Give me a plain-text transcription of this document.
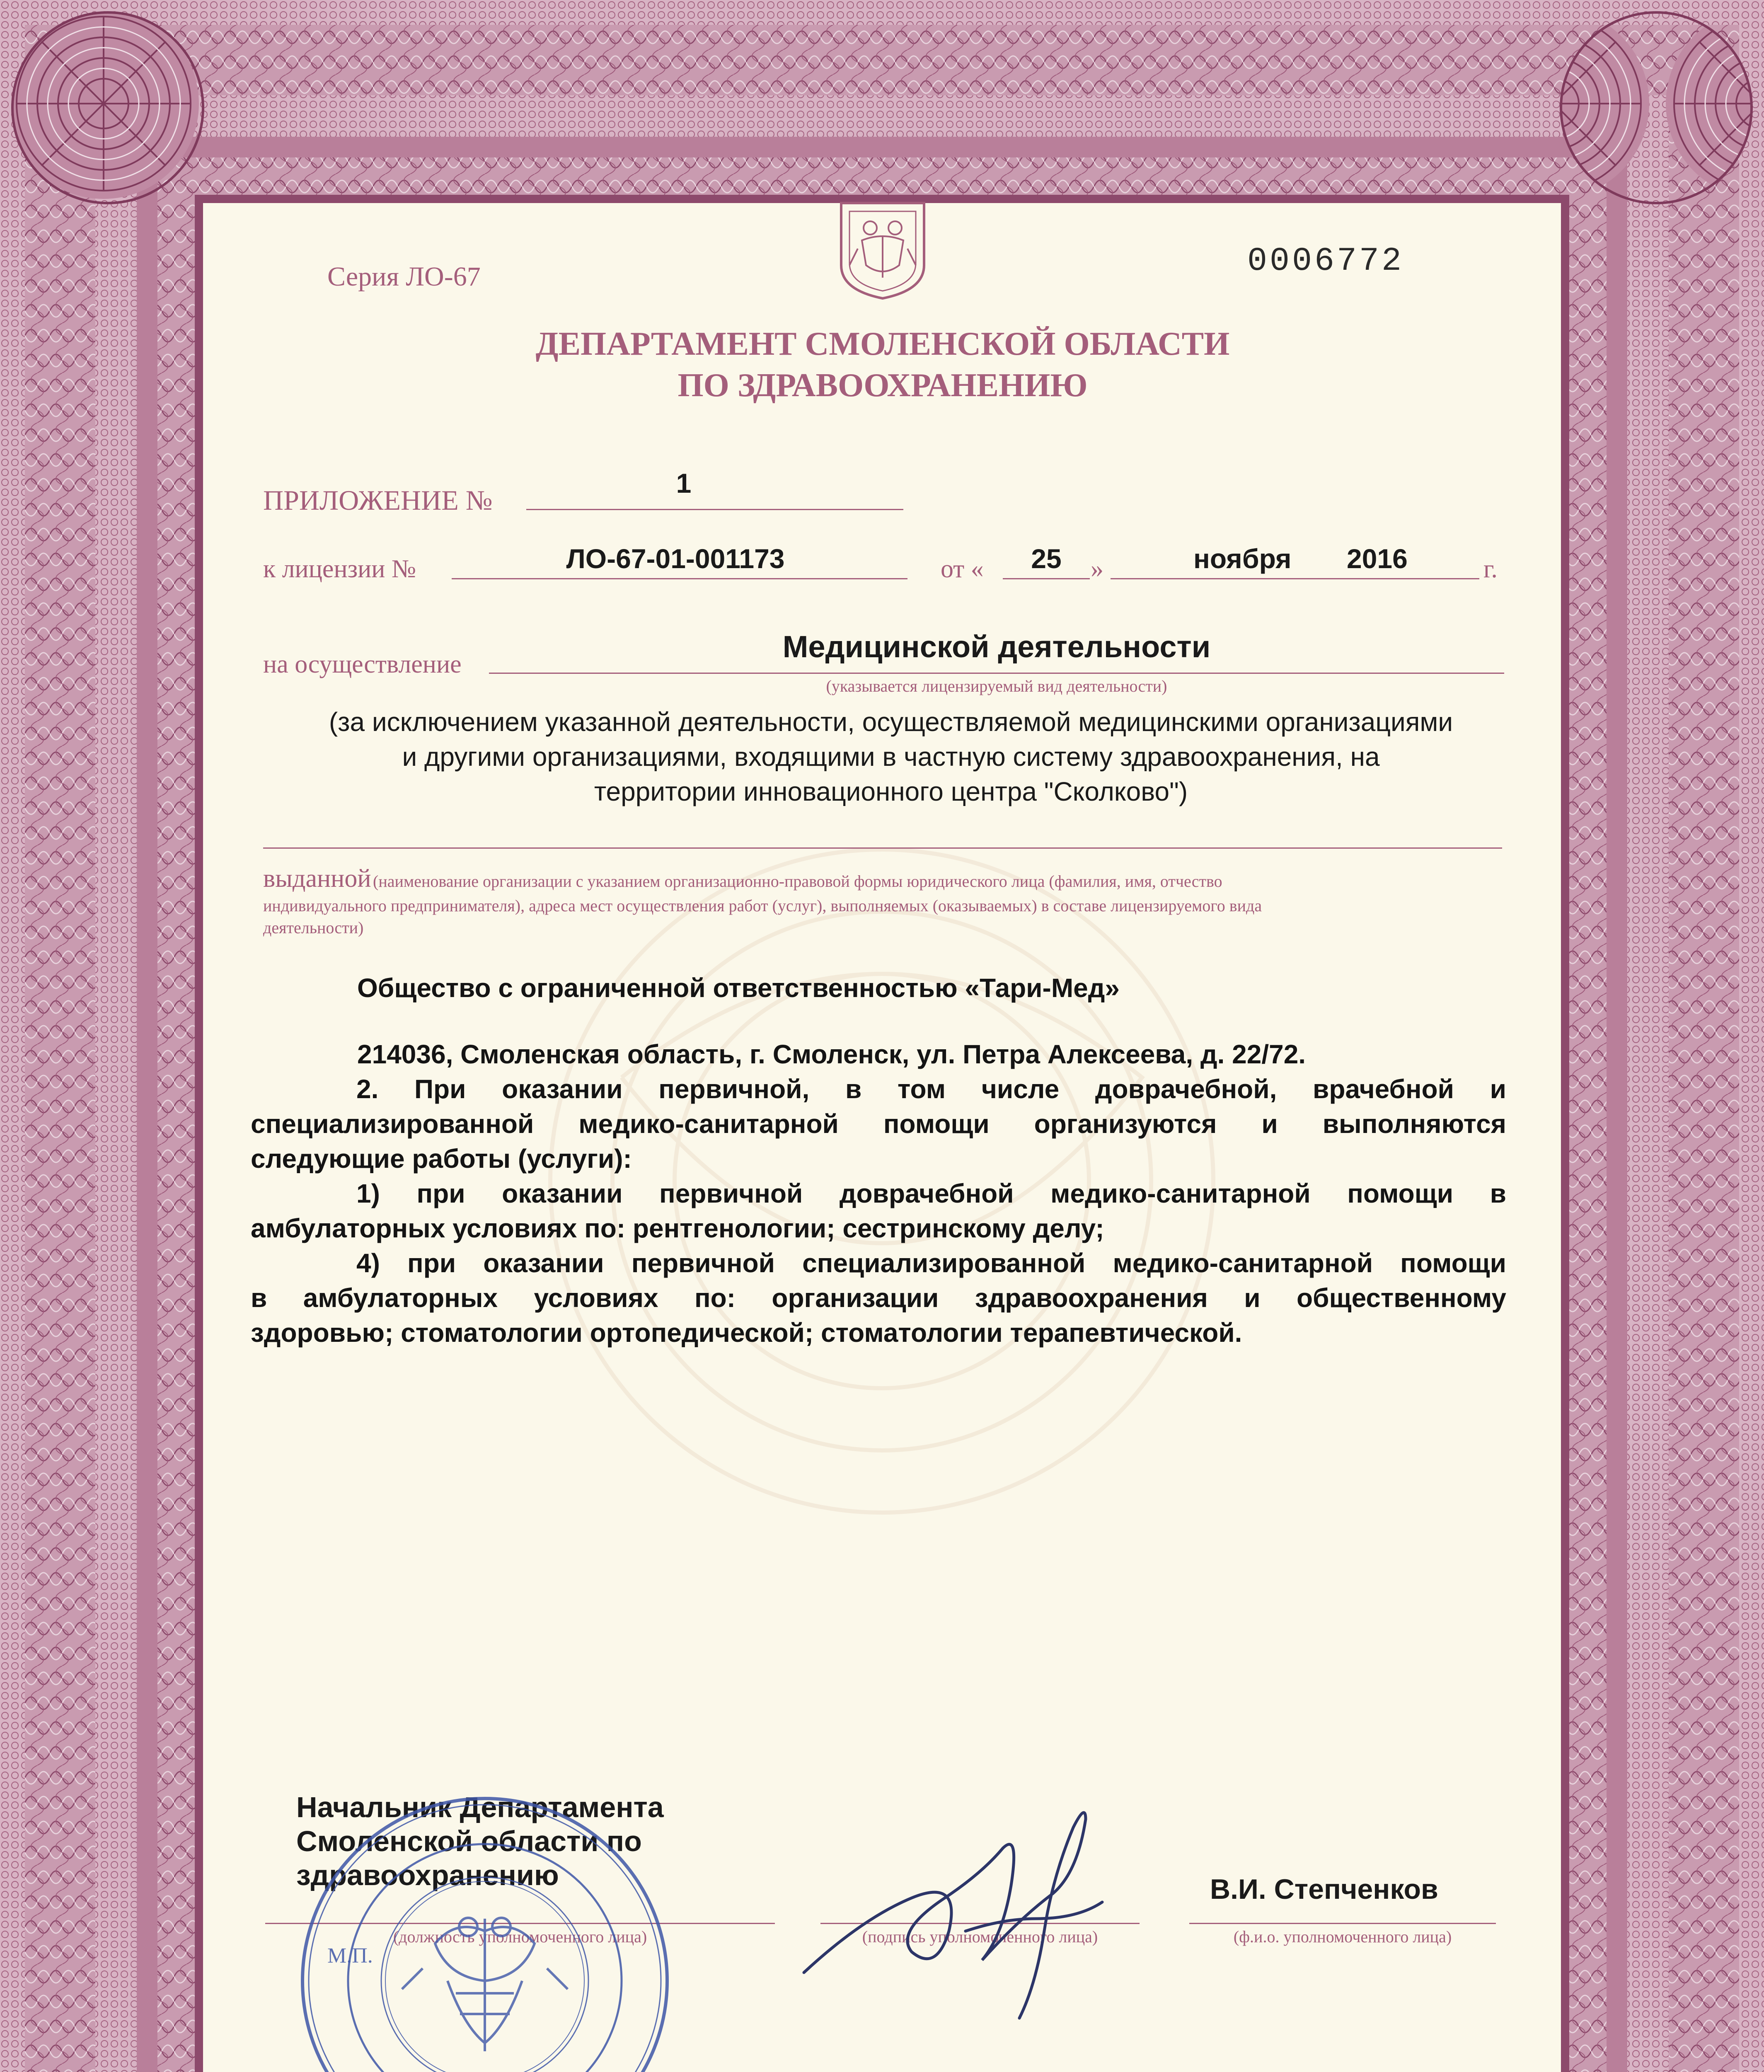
Серия ЛО-67	0006772
ДЕПАРТАМЕНТ СМОЛЕНСКОЙ ОБЛАСТИ
ПО ЗДРАВООХРАНЕНИЮ
ПРИЛОЖЕНИЕ №
1
к лицензии №	ЛО-67-01-001173	от «	25	»	ноября 2016	г.
на осуществление
Медицинской деятельности
(указывается лицензируемый вид деятельности)
(за исключением указанной деятельности, осуществляемой медицинскими организациями
и другими организациями, входящими в частную систему здравоохранения, на
территории инновационного центра "Сколково")
выданной (наименование организации с указанием организационно-правовой формы юридического лица (фамилия, имя, отчество
индивидуального предпринимателя), адреса мест осуществления работ (услуг), выполняемых (оказываемых) в составе лицензируемого вида
деятельности)
Общество с ограниченной ответственностью «Тари-Мед»
214036, Смоленская область, г. Смоленск, ул. Петра Алексеева, д. 22/72.
2. При оказании первичной, в том числе доврачебной, врачебной и
специализированной медико-санитарной помощи организуются и выполняются
следующие работы (услуги):
1) при оказании первичной доврачебной медико-санитарной помощи в
амбулаторных условиях по: рентгенологии; сестринскому делу;
4) при оказании первичной специализированной медико-санитарной помощи
в амбулаторных условиях по: организации здравоохранения и общественному
здоровью; стоматологии ортопедической; стоматологии терапевтической.
Начальник Департамента
Смоленской области по
здравоохранению
(должность уполномоченного лица)	(подпись уполномоченного лица)
В.И. Степченков
(ф.и.о. уполномоченного лица)
М.П.
